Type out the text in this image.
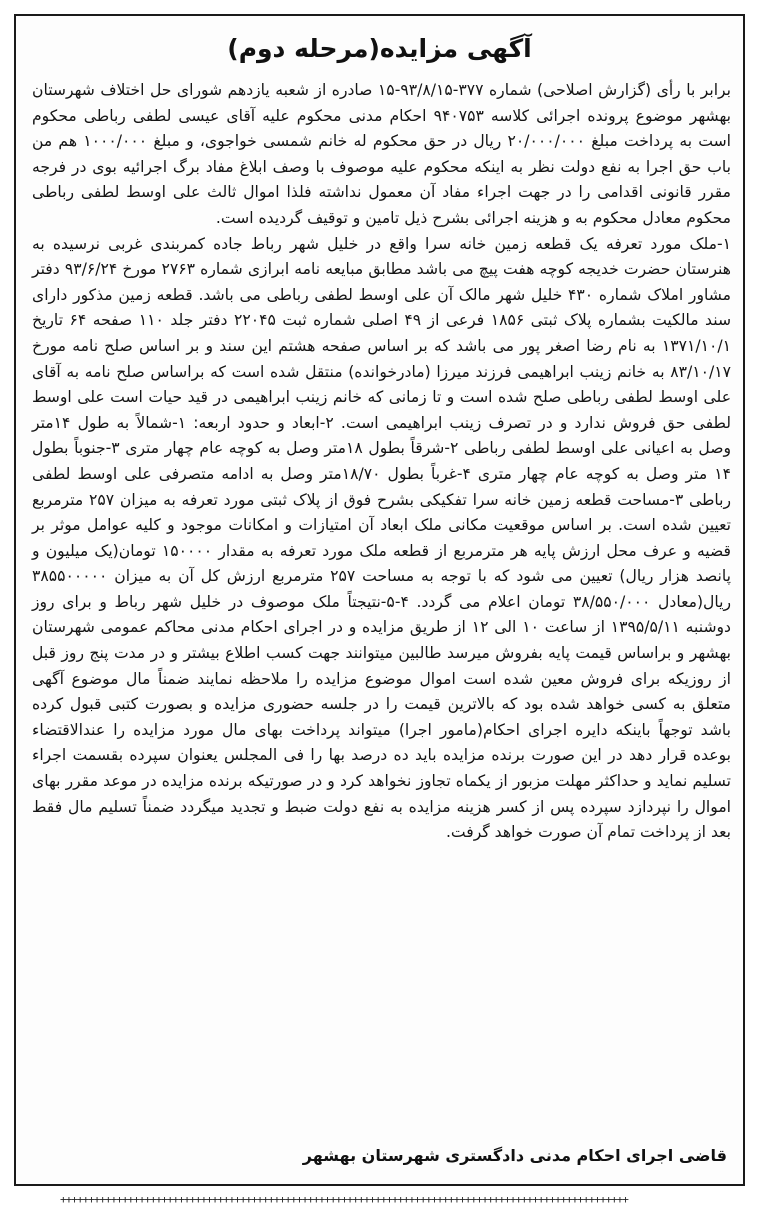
آگهی مزایده(مرحله دوم)

برابر با رأی (گزارش اصلاحی) شماره ۳۷۷-۹۳/۸/۱۵-۱۵ صادره از شعبه یازدهم شورای حل اختلاف شهرستان بهشهر موضوع پرونده اجرائی کلاسه ۹۴۰۷۵۳ احکام مدنی محکوم علیه آقای عیسی لطفی رباطی محکوم است به پرداخت مبلغ ۲۰/۰۰۰/۰۰۰ ریال در حق محکوم له خانم شمسی خواجوی، و مبلغ ۱۰۰۰/۰۰۰ هم من باب حق اجرا به نفع دولت نظر به اینکه محکوم علیه موصوف با وصف ابلاغ مفاد برگ اجرائیه بوی در فرجه مقرر قانونی اقدامی را در جهت اجراء مفاد آن معمول نداشته فلذا اموال ثالث علی اوسط لطفی رباطی محکوم معادل محکوم به و هزینه اجرائی بشرح ذیل تامین و توقیف گردیده است.

۱-ملک مورد تعرفه یک قطعه زمین خانه سرا واقع در خلیل شهر رباط جاده کمربندی غربی نرسیده به هنرستان حضرت خدیجه کوچه هفت پیچ می باشد مطابق مبایعه نامه ابرازی شماره ۲۷۶۳ مورخ ۹۳/۶/۲۴ دفتر مشاور املاک شماره ۴۳۰ خلیل شهر مالک آن علی اوسط لطفی رباطی می باشد. قطعه زمین مذکور دارای سند مالکیت بشماره پلاک ثبتی ۱۸۵۶ فرعی از ۴۹ اصلی شماره ثبت ۲۲۰۴۵ دفتر جلد ۱۱۰ صفحه ۶۴ تاریخ ۱۳۷۱/۱۰/۱ به نام رضا اصغر پور می باشد که بر اساس صفحه هشتم این سند و بر اساس صلح نامه مورخ ۸۳/۱۰/۱۷ به خانم زینب ابراهیمی فرزند میرزا (مادرخوانده) منتقل شده است که براساس صلح نامه به آقای علی اوسط لطفی رباطی صلح شده است و تا زمانی که خانم زینب ابراهیمی در قید حیات است علی اوسط لطفی حق فروش ندارد و در تصرف زینب ابراهیمی است. ۲-ابعاد و حدود اربعه: ۱-شمالاً به طول ۱۴متر وصل به اعیانی علی اوسط لطفی رباطی ۲-شرقاً بطول ۱۸متر وصل به کوچه عام چهار متری ۳-جنوباً بطول ۱۴ متر وصل به کوچه عام چهار متری ۴-غرباً بطول ۱۸/۷۰متر وصل به ادامه متصرفی علی اوسط لطفی رباطی ۳-مساحت قطعه زمین خانه سرا تفکیکی بشرح فوق از پلاک ثبتی مورد تعرفه به میزان ۲۵۷ مترمربع تعیین شده است. بر اساس موقعیت مکانی ملک ابعاد آن امتیازات و امکانات موجود و کلیه عوامل موثر بر قضیه و عرف محل ارزش پایه هر مترمربع از قطعه ملک مورد تعرفه به مقدار ۱۵۰۰۰۰ تومان(یک میلیون و پانصد هزار ریال) تعیین می شود که با توجه به مساحت ۲۵۷ مترمربع ارزش کل آن به میزان ۳۸۵۵۰۰۰۰۰ ریال(معادل ۳۸/۵۵۰/۰۰۰ تومان اعلام می گردد. ۴-۵-نتیجتاً ملک موصوف در خلیل شهر رباط و برای روز دوشنبه ۱۳۹۵/۵/۱۱ از ساعت ۱۰ الی ۱۲ از طریق مزایده و در اجرای احکام مدنی محاکم عمومی شهرستان بهشهر و براساس قیمت پایه بفروش میرسد طالبین میتوانند جهت کسب اطلاع بیشتر و در مدت پنج روز قبل از روزیکه برای فروش معین شده است اموال موضوع مزایده را ملاحظه نمایند ضمناً مال موضوع آگهی متعلق به کسی خواهد شده بود که بالاترین قیمت را در جلسه حضوری مزایده و بصورت کتبی قبول کرده باشد توجهاً باینکه دایره اجرای احکام(مامور اجرا) میتواند پرداخت بهای مال مورد مزایده را عندالاقتضاء بوعده قرار دهد در این صورت برنده مزایده باید ده درصد بها را فی المجلس یعنوان سپرده بقسمت اجراء تسلیم نماید و حداکثر مهلت مزبور از یکماه تجاوز نخواهد کرد و در صورتیکه برنده مزایده در موعد مقرر بهای اموال را نپردازد سپرده پس از کسر هزینه مزایده به نفع دولت ضبط و تجدید میگردد ضمناً تسلیم مال فقط بعد از پرداخت تمام آن صورت خواهد گرفت.

قاضی اجرای احکام مدنی دادگستری شهرستان بهشهر
+++++++++++++++++++++++++++++++++++++++++++++++++++++++++++++++++++++++++++++++++++++++++++++++++++++
